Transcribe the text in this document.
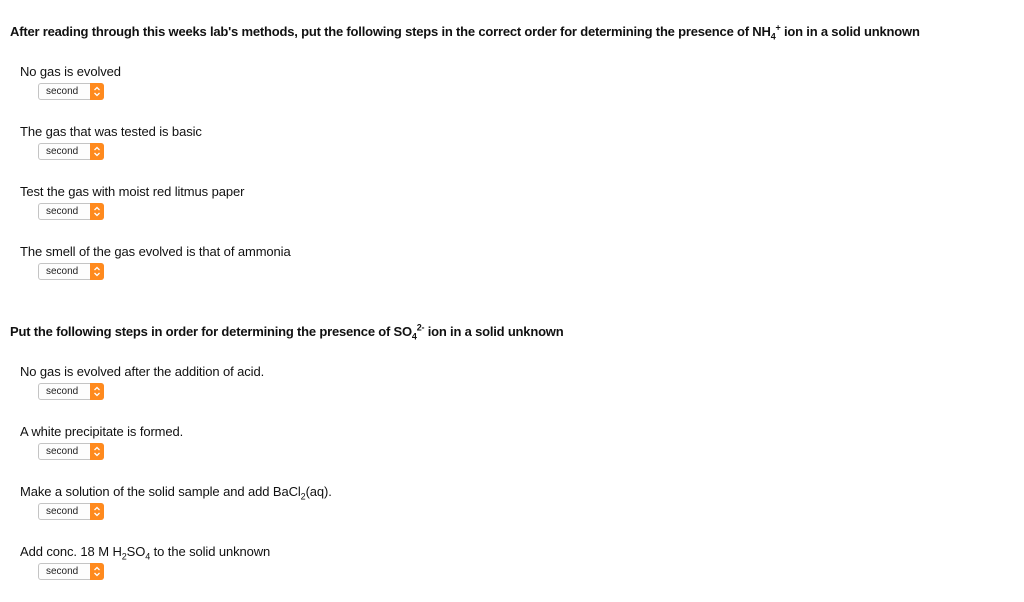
After reading through this weeks lab's methods, put the following steps in the correct order for determining the presence of $NH_4^+$ ion in a solid unknown
No gas is evolved
second
The gas that was tested is basic
second
Test the gas with moist red litmus paper
second
The smell of the gas evolved is that of ammonia
second
Put the following steps in order for determining the presence of $SO_4^{2-}$ ion in a solid unknown
No gas is evolved after the addition of acid.
second
A white precipitate is formed.
second
Make a solution of the solid sample and add BaCl$_2$(aq).
second
Add conc. 18 M $H_2SO_4$ to the solid unknown
second
